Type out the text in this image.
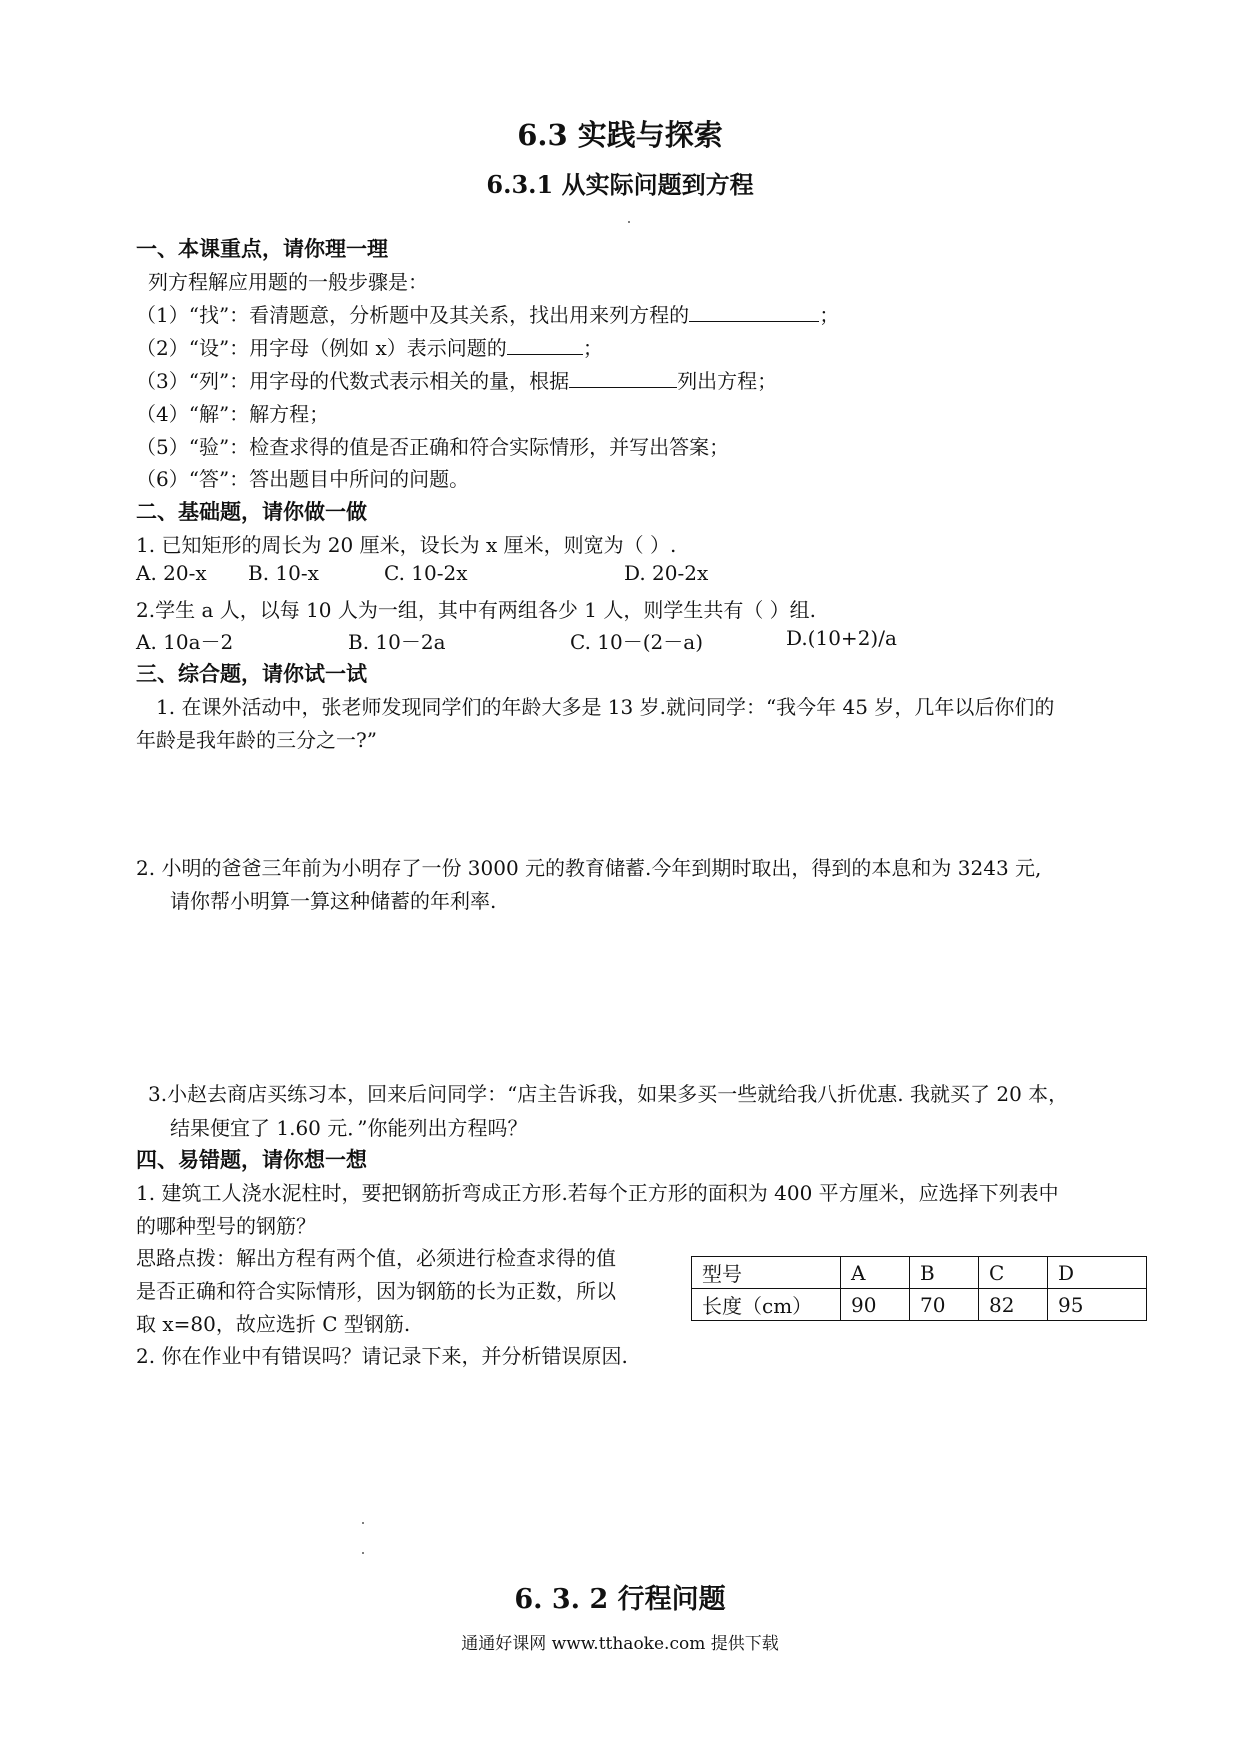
6.3 实践与探索
6.3.1 从实际问题到方程
一、本课重点，请你理一理
列方程解应用题的一般步骤是：
（1）“找”：看清题意，分析题中及其关系，找出用来列方程的	；
（2）“设”：用字母（例如 x）表示问题的	；
（3）“列”：用字母的代数式表示相关的量，根据	列出方程；
（4）“解”：解方程；
（5）“验”：检查求得的值是否正确和符合实际情形，并写出答案；
（6）“答”：答出题目中所问的问题。
二、基础题，请你做一做
1. 已知矩形的周长为 20 厘米，设长为 x 厘米，则宽为（ ）.
A. 20-x B. 10-x	C. 10-2x	D. 20-2x
2.学生 a 人，以每 10 人为一组，其中有两组各少 1 人，则学生共有（ ）组.
A. 10a－2	B. 10－2a	C. 10－(2－a)	D.(10+2)/a
三、综合题，请你试一试
1. 在课外活动中，张老师发现同学们的年龄大多是 13 岁.就问同学：“我今年 45 岁，几年以后你们的
年龄是我年龄的三分之一?”
2. 小明的爸爸三年前为小明存了一份 3000 元的教育储蓄.今年到期时取出，得到的本息和为 3243 元,
请你帮小明算一算这种储蓄的年利率.
3.小赵去商店买练习本，回来后问同学：“店主告诉我，如果多买一些就给我八折优惠. 我就买了 20 本，
结果便宜了 1.60 元．”你能列出方程吗？
四、易错题，请你想一想
1. 建筑工人浇水泥柱时，要把钢筋折弯成正方形.若每个正方形的面积为 400 平方厘米，应选择下列表中
的哪种型号的钢筋？
思路点拨：解出方程有两个值，必须进行检查求得的值
是否正确和符合实际情形，因为钢筋的长为正数，所以
取 x=80，故应选折 C 型钢筋.
2. 你在作业中有错误吗？请记录下来，并分析错误原因.
型号	A	B	C	D
长度（cm）	90	70	82	95
6. 3. 2 行程问题
通通好课网 www.tthaoke.com 提供下载
